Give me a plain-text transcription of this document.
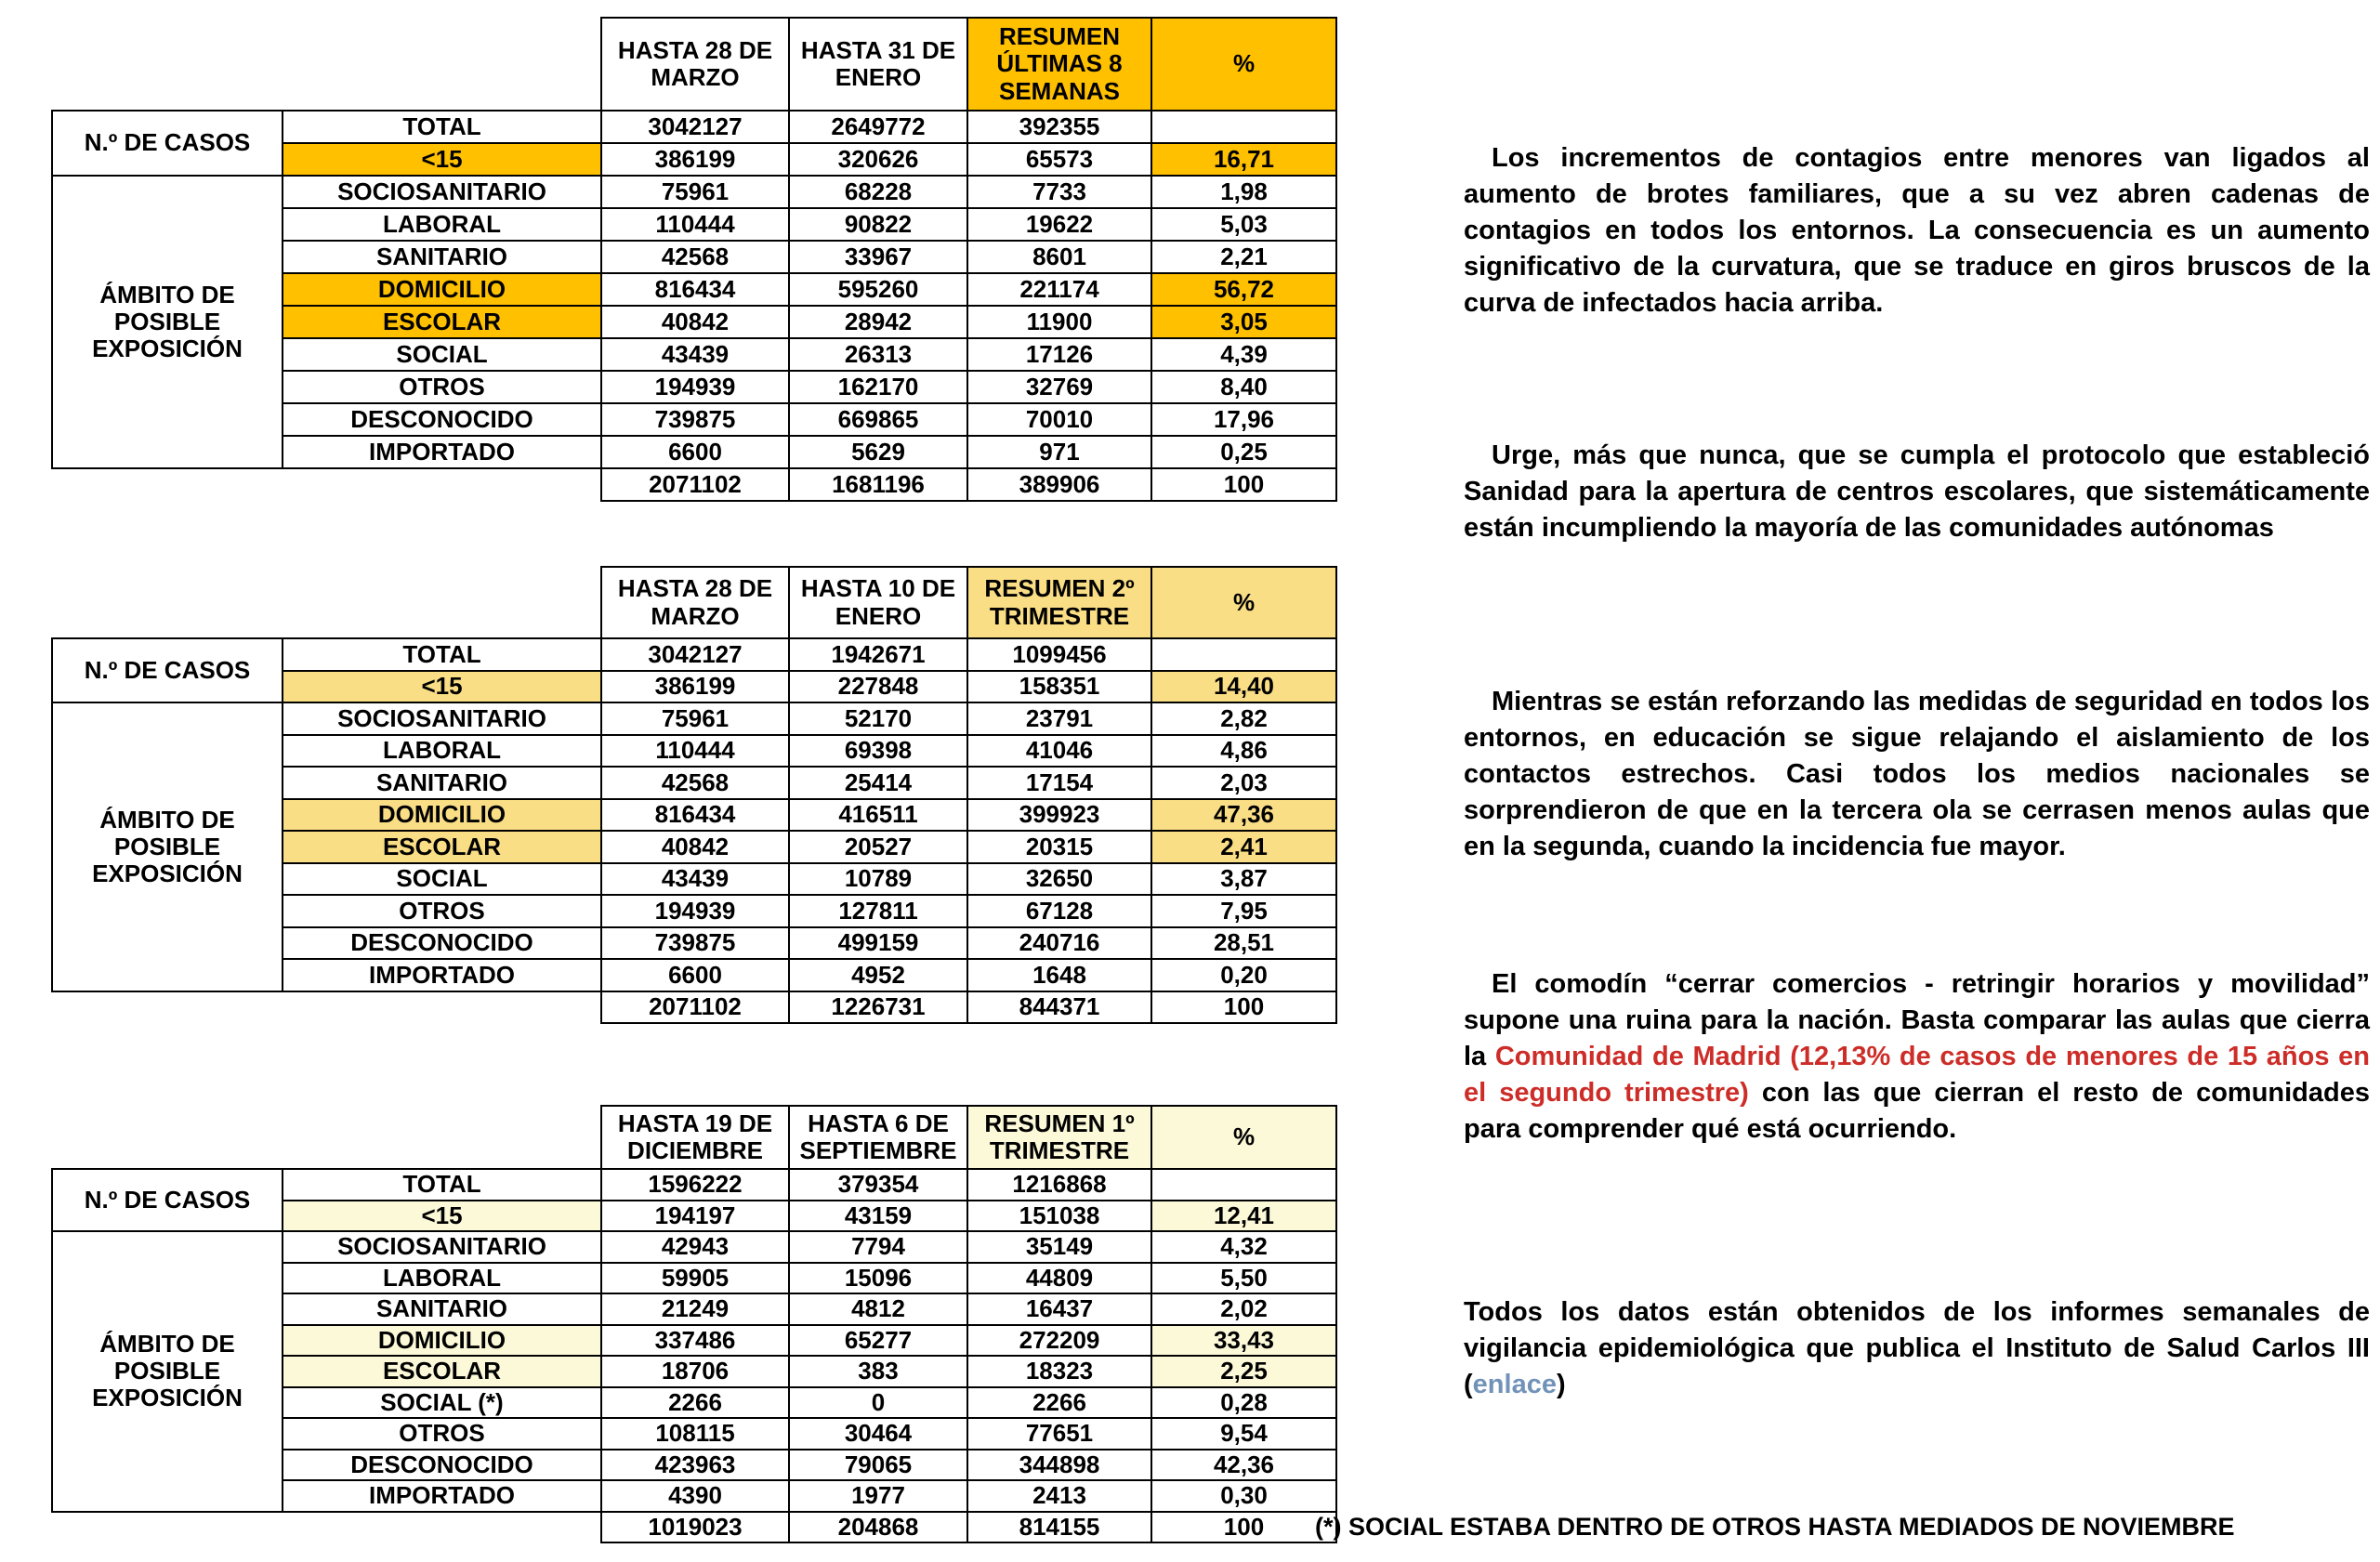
		HASTA 28 DE MARZO	HASTA 31 DE ENERO	RESUMEN ÚLTIMAS 8 SEMANAS	%
N.º DE CASOS	TOTAL	3042127	2649772	392355	
	<15	386199	320626	65573	16,71
ÁMBITO DE POSIBLE EXPOSICIÓN	SOCIOSANITARIO	75961	68228	7733	1,98
	LABORAL	110444	90822	19622	5,03
	SANITARIO	42568	33967	8601	2,21
	DOMICILIO	816434	595260	221174	56,72
	ESCOLAR	40842	28942	11900	3,05
	SOCIAL	43439	26313	17126	4,39
	OTROS	194939	162170	32769	8,40
	DESCONOCIDO	739875	669865	70010	17,96
	IMPORTADO	6600	5629	971	0,25
		2071102	1681196	389906	100
		HASTA 28 DE MARZO	HASTA 10 DE ENERO	RESUMEN 2º TRIMESTRE	%
N.º DE CASOS	TOTAL	3042127	1942671	1099456	
	<15	386199	227848	158351	14,40
ÁMBITO DE POSIBLE EXPOSICIÓN	SOCIOSANITARIO	75961	52170	23791	2,82
	LABORAL	110444	69398	41046	4,86
	SANITARIO	42568	25414	17154	2,03
	DOMICILIO	816434	416511	399923	47,36
	ESCOLAR	40842	20527	20315	2,41
	SOCIAL	43439	10789	32650	3,87
	OTROS	194939	127811	67128	7,95
	DESCONOCIDO	739875	499159	240716	28,51
	IMPORTADO	6600	4952	1648	0,20
		2071102	1226731	844371	100
		HASTA 19 DE DICIEMBRE	HASTA 6 DE SEPTIEMBRE	RESUMEN 1º TRIMESTRE	%
N.º DE CASOS	TOTAL	1596222	379354	1216868	
	<15	194197	43159	151038	12,41
ÁMBITO DE POSIBLE EXPOSICIÓN	SOCIOSANITARIO	42943	7794	35149	4,32
	LABORAL	59905	15096	44809	5,50
	SANITARIO	21249	4812	16437	2,02
	DOMICILIO	337486	65277	272209	33,43
	ESCOLAR	18706	383	18323	2,25
	SOCIAL (*)	2266	0	2266	0,28
	OTROS	108115	30464	77651	9,54
	DESCONOCIDO	423963	79065	344898	42,36
	IMPORTADO	4390	1977	2413	0,30
		1019023	204868	814155	100

Los incrementos de contagios entre menores van ligados al aumento de brotes familiares, que a su vez abren cadenas de contagios en todos los entornos. La consecuencia es un aumento significativo de la curvatura, que se traduce en giros bruscos de la curva de infectados hacia arriba.

Urge, más que nunca, que se cumpla el protocolo que estableció Sanidad para la apertura de centros escolares, que sistemáticamente están incumpliendo la mayoría de las comunidades autónomas

Mientras se están reforzando las medidas de seguridad en todos los entornos, en educación se sigue relajando el aislamiento de los contactos estrechos. Casi todos los medios nacionales se sorprendieron de que en la tercera ola se cerrasen menos aulas que en la segunda, cuando la incidencia fue mayor.

El comodín “cerrar comercios - retringir horarios y movilidad” supone una ruina para la nación. Basta comparar las aulas que cierra la Comunidad de Madrid (12,13% de casos de menores de 15 años en el segundo trimestre) con las que cierran el resto de comunidades para comprender qué está ocurriendo.

Todos los datos están obtenidos de los informes semanales de vigilancia epidemiológica que publica el Instituto de Salud Carlos III (enlace)

(*) SOCIAL ESTABA DENTRO DE OTROS HASTA MEDIADOS DE NOVIEMBRE
